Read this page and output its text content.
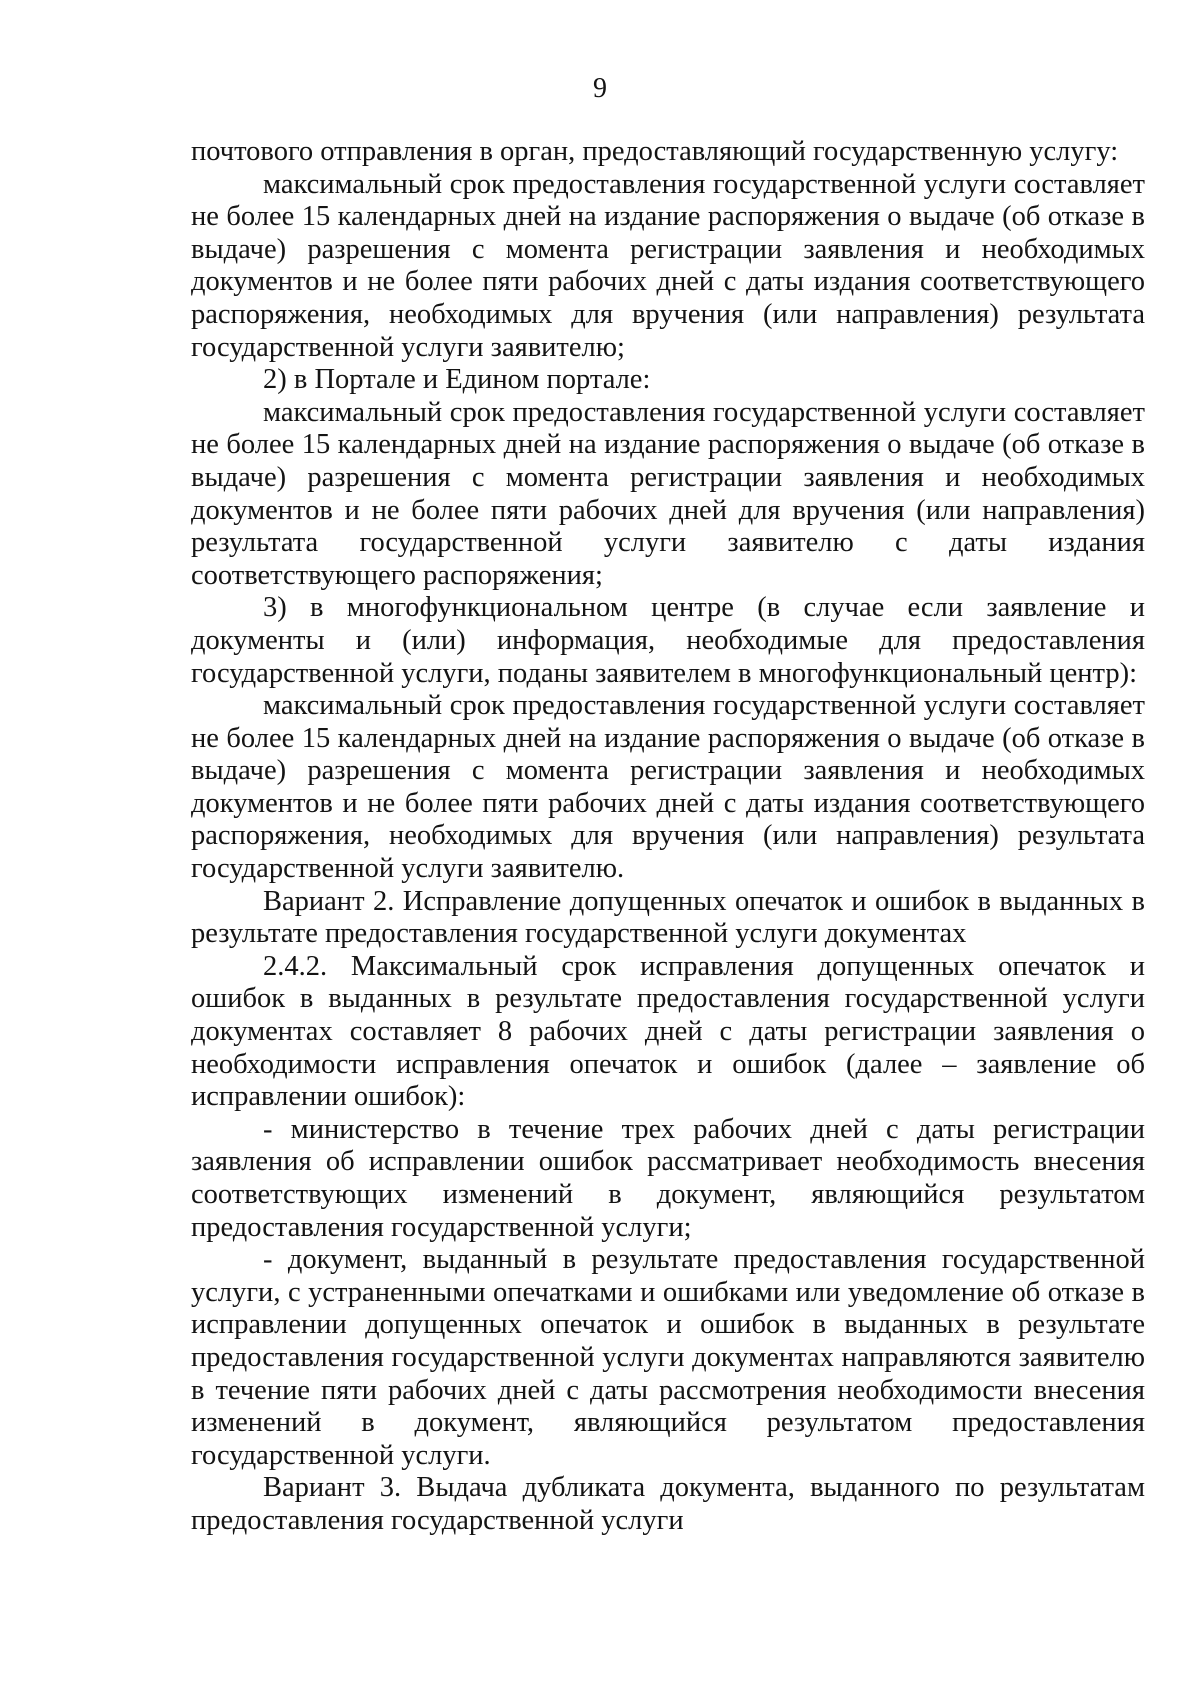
9

почтового отправления в орган, предоставляющий государственную услугу:

максимальный срок предоставления государственной услуги составляет не более 15 календарных дней на издание распоряжения о выдаче (об отказе в выдаче) разрешения с момента регистрации заявления и необходимых документов и не более пяти рабочих дней с даты издания соответствующего распоряжения, необходимых для вручения (или направления) результата государственной услуги заявителю;

2) в Портале и Едином портале:

максимальный срок предоставления государственной услуги составляет не более 15 календарных дней на издание распоряжения о выдаче (об отказе в выдаче) разрешения с момента регистрации заявления и необходимых документов и не более пяти рабочих дней для вручения (или направления) результата государственной услуги заявителю с даты издания соответствующего распоряжения;

3) в многофункциональном центре (в случае если заявление и документы и (или) информация, необходимые для предоставления государственной услуги, поданы заявителем в многофункциональный центр):

максимальный срок предоставления государственной услуги составляет не более 15 календарных дней на издание распоряжения о выдаче (об отказе в выдаче) разрешения с момента регистрации заявления и необходимых документов и не более пяти рабочих дней с даты издания соответствующего распоряжения, необходимых для вручения (или направления) результата государственной услуги заявителю.

Вариант 2. Исправление допущенных опечаток и ошибок в выданных в результате предоставления государственной услуги документах

2.4.2. Максимальный срок исправления допущенных опечаток и ошибок в выданных в результате предоставления государственной услуги документах составляет 8 рабочих дней с даты регистрации заявления о необходимости исправления опечаток и ошибок (далее – заявление об исправлении ошибок):

- министерство в течение трех рабочих дней с даты регистрации заявления об исправлении ошибок рассматривает необходимость внесения соответствующих изменений в документ, являющийся результатом предоставления государственной услуги;

- документ, выданный в результате предоставления государственной услуги, с устраненными опечатками и ошибками или уведомление об отказе в исправлении допущенных опечаток и ошибок в выданных в результате предоставления государственной услуги документах направляются заявителю в течение пяти рабочих дней с даты рассмотрения необходимости внесения изменений в документ, являющийся результатом предоставления государственной услуги.

Вариант 3. Выдача дубликата документа, выданного по результатам предоставления государственной услуги
